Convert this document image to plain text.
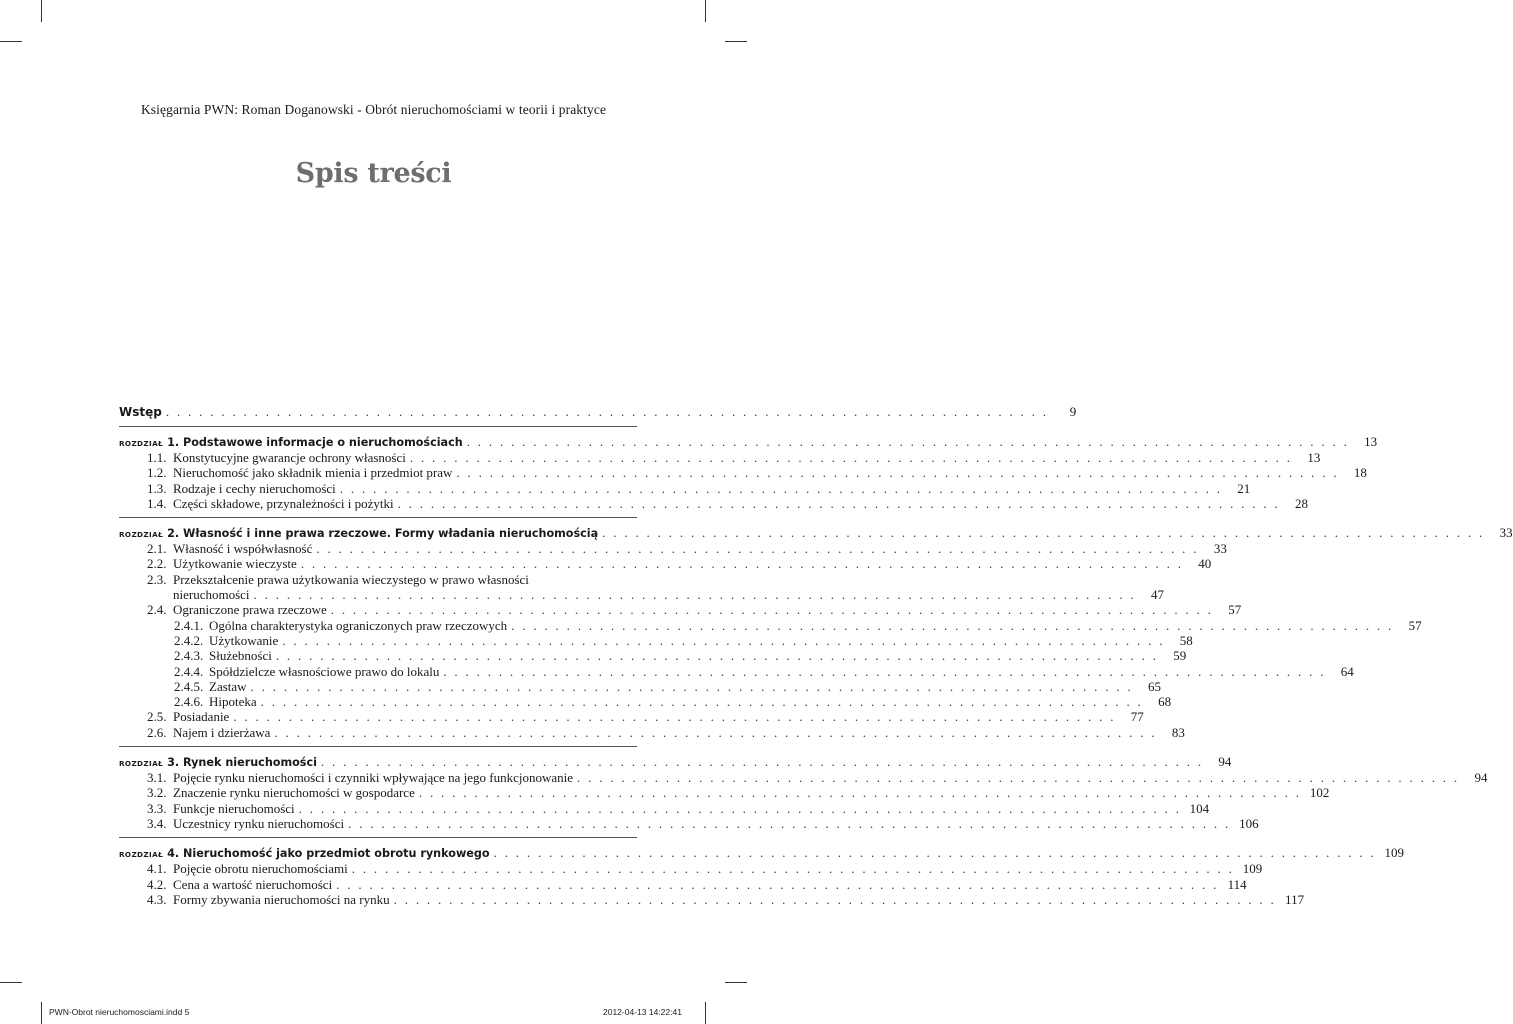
Księgarnia PWN: Roman Doganowski - Obrót nieruchomościami w teorii i praktyce
Spis treści
Wstęp . . . . . . . . . . . . . . . . . . . . . . . . . . . . . . . . . . . . . . . . . . . . . . . . . . . . . . . . . . . . . . . . . . . . . . . . . . . . . . . .	9
ROZDZIAŁ 1. Podstawowe informacje o nieruchomościach . . . . . . . . . . . . . . . . . . . . . . . . . . . . . . . . . . . . . . . . . . . . . . . . . . . . . . . . . . . . . . . . . . . . . . . . . . . . . . . .	13
1.1. Konstytucyjne gwarancje ochrony własności . . . . . . . . . . . . . . . . . . . . . . . . . . . . . . . . . . . . . . . . . . . . . . . . . . . . . . . . . . . . . . . . . . . . . . . . . . . . . . . .	13
1.2. Nieruchomość jako składnik mienia i przedmiot praw . . . . . . . . . . . . . . . . . . . . . . . . . . . . . . . . . . . . . . . . . . . . . . . . . . . . . . . . . . . . . . . . . . . . . . . . . . . . . . . .	18
1.3. Rodzaje i cechy nieruchomości . . . . . . . . . . . . . . . . . . . . . . . . . . . . . . . . . . . . . . . . . . . . . . . . . . . . . . . . . . . . . . . . . . . . . . . . . . . . . . . .	21
1.4. Części składowe, przynależności i pożytki . . . . . . . . . . . . . . . . . . . . . . . . . . . . . . . . . . . . . . . . . . . . . . . . . . . . . . . . . . . . . . . . . . . . . . . . . . . . . . . .	28
ROZDZIAŁ 2. Własność i inne prawa rzeczowe. Formy władania nieruchomością . . . . . . . . . . . . . . . . . . . . . . . . . . . . . . . . . . . . . . . . . . . . . . . . . . . . . . . . . . . . . . . . . . . . . . . . . . . . . . . .	33
2.1. Własność i współwłasność . . . . . . . . . . . . . . . . . . . . . . . . . . . . . . . . . . . . . . . . . . . . . . . . . . . . . . . . . . . . . . . . . . . . . . . . . . . . . . . .	33
2.2. Użytkowanie wieczyste . . . . . . . . . . . . . . . . . . . . . . . . . . . . . . . . . . . . . . . . . . . . . . . . . . . . . . . . . . . . . . . . . . . . . . . . . . . . . . . .	40
2.3. Przekształcenie prawa użytkowania wieczystego w prawo własności
nieruchomości . . . . . . . . . . . . . . . . . . . . . . . . . . . . . . . . . . . . . . . . . . . . . . . . . . . . . . . . . . . . . . . . . . . . . . . . . . . . . . . .	47
2.4. Ograniczone prawa rzeczowe . . . . . . . . . . . . . . . . . . . . . . . . . . . . . . . . . . . . . . . . . . . . . . . . . . . . . . . . . . . . . . . . . . . . . . . . . . . . . . . .	57
2.4.1. Ogólna charakterystyka ograniczonych praw rzeczowych . . . . . . . . . . . . . . . . . . . . . . . . . . . . . . . . . . . . . . . . . . . . . . . . . . . . . . . . . . . . . . . . . . . . . . . . . . . . . . . .	57
2.4.2. Użytkowanie . . . . . . . . . . . . . . . . . . . . . . . . . . . . . . . . . . . . . . . . . . . . . . . . . . . . . . . . . . . . . . . . . . . . . . . . . . . . . . . .	58
2.4.3. Służebności . . . . . . . . . . . . . . . . . . . . . . . . . . . . . . . . . . . . . . . . . . . . . . . . . . . . . . . . . . . . . . . . . . . . . . . . . . . . . . . .	59
2.4.4. Spółdzielcze własnościowe prawo do lokalu . . . . . . . . . . . . . . . . . . . . . . . . . . . . . . . . . . . . . . . . . . . . . . . . . . . . . . . . . . . . . . . . . . . . . . . . . . . . . . . .	64
2.4.5. Zastaw . . . . . . . . . . . . . . . . . . . . . . . . . . . . . . . . . . . . . . . . . . . . . . . . . . . . . . . . . . . . . . . . . . . . . . . . . . . . . . . .	65
2.4.6. Hipoteka . . . . . . . . . . . . . . . . . . . . . . . . . . . . . . . . . . . . . . . . . . . . . . . . . . . . . . . . . . . . . . . . . . . . . . . . . . . . . . . .	68
2.5. Posiadanie . . . . . . . . . . . . . . . . . . . . . . . . . . . . . . . . . . . . . . . . . . . . . . . . . . . . . . . . . . . . . . . . . . . . . . . . . . . . . . . .	77
2.6. Najem i dzierżawa . . . . . . . . . . . . . . . . . . . . . . . . . . . . . . . . . . . . . . . . . . . . . . . . . . . . . . . . . . . . . . . . . . . . . . . . . . . . . . . .	83
ROZDZIAŁ 3. Rynek nieruchomości . . . . . . . . . . . . . . . . . . . . . . . . . . . . . . . . . . . . . . . . . . . . . . . . . . . . . . . . . . . . . . . . . . . . . . . . . . . . . . . .	94
3.1. Pojęcie rynku nieruchomości i czynniki wpływające na jego funkcjonowanie . . . . . . . . . . . . . . . . . . . . . . . . . . . . . . . . . . . . . . . . . . . . . . . . . . . . . . . . . . . . . . . . . . . . . . . . . . . . . . . .	94
3.2. Znaczenie rynku nieruchomości w gospodarce . . . . . . . . . . . . . . . . . . . . . . . . . . . . . . . . . . . . . . . . . . . . . . . . . . . . . . . . . . . . . . . . . . . . . . . . . . . . . . . . 102
3.3. Funkcje nieruchomości . . . . . . . . . . . . . . . . . . . . . . . . . . . . . . . . . . . . . . . . . . . . . . . . . . . . . . . . . . . . . . . . . . . . . . . . . . . . . . . . 104
3.4. Uczestnicy rynku nieruchomości . . . . . . . . . . . . . . . . . . . . . . . . . . . . . . . . . . . . . . . . . . . . . . . . . . . . . . . . . . . . . . . . . . . . . . . . . . . . . . . . 106
ROZDZIAŁ 4. Nieruchomość jako przedmiot obrotu rynkowego . . . . . . . . . . . . . . . . . . . . . . . . . . . . . . . . . . . . . . . . . . . . . . . . . . . . . . . . . . . . . . . . . . . . . . . . . . . . . . . . 109
4.1. Pojęcie obrotu nieruchomościami . . . . . . . . . . . . . . . . . . . . . . . . . . . . . . . . . . . . . . . . . . . . . . . . . . . . . . . . . . . . . . . . . . . . . . . . . . . . . . . . 109
4.2. Cena a wartość nieruchomości . . . . . . . . . . . . . . . . . . . . . . . . . . . . . . . . . . . . . . . . . . . . . . . . . . . . . . . . . . . . . . . . . . . . . . . . . . . . . . . . 114
4.3. Formy zbywania nieruchomości na rynku . . . . . . . . . . . . . . . . . . . . . . . . . . . . . . . . . . . . . . . . . . . . . . . . . . . . . . . . . . . . . . . . . . . . . . . . . . . . . . . . 117
PWN-Obrot nieruchomosciami.indd 5	2012-04-13 14:22:41
